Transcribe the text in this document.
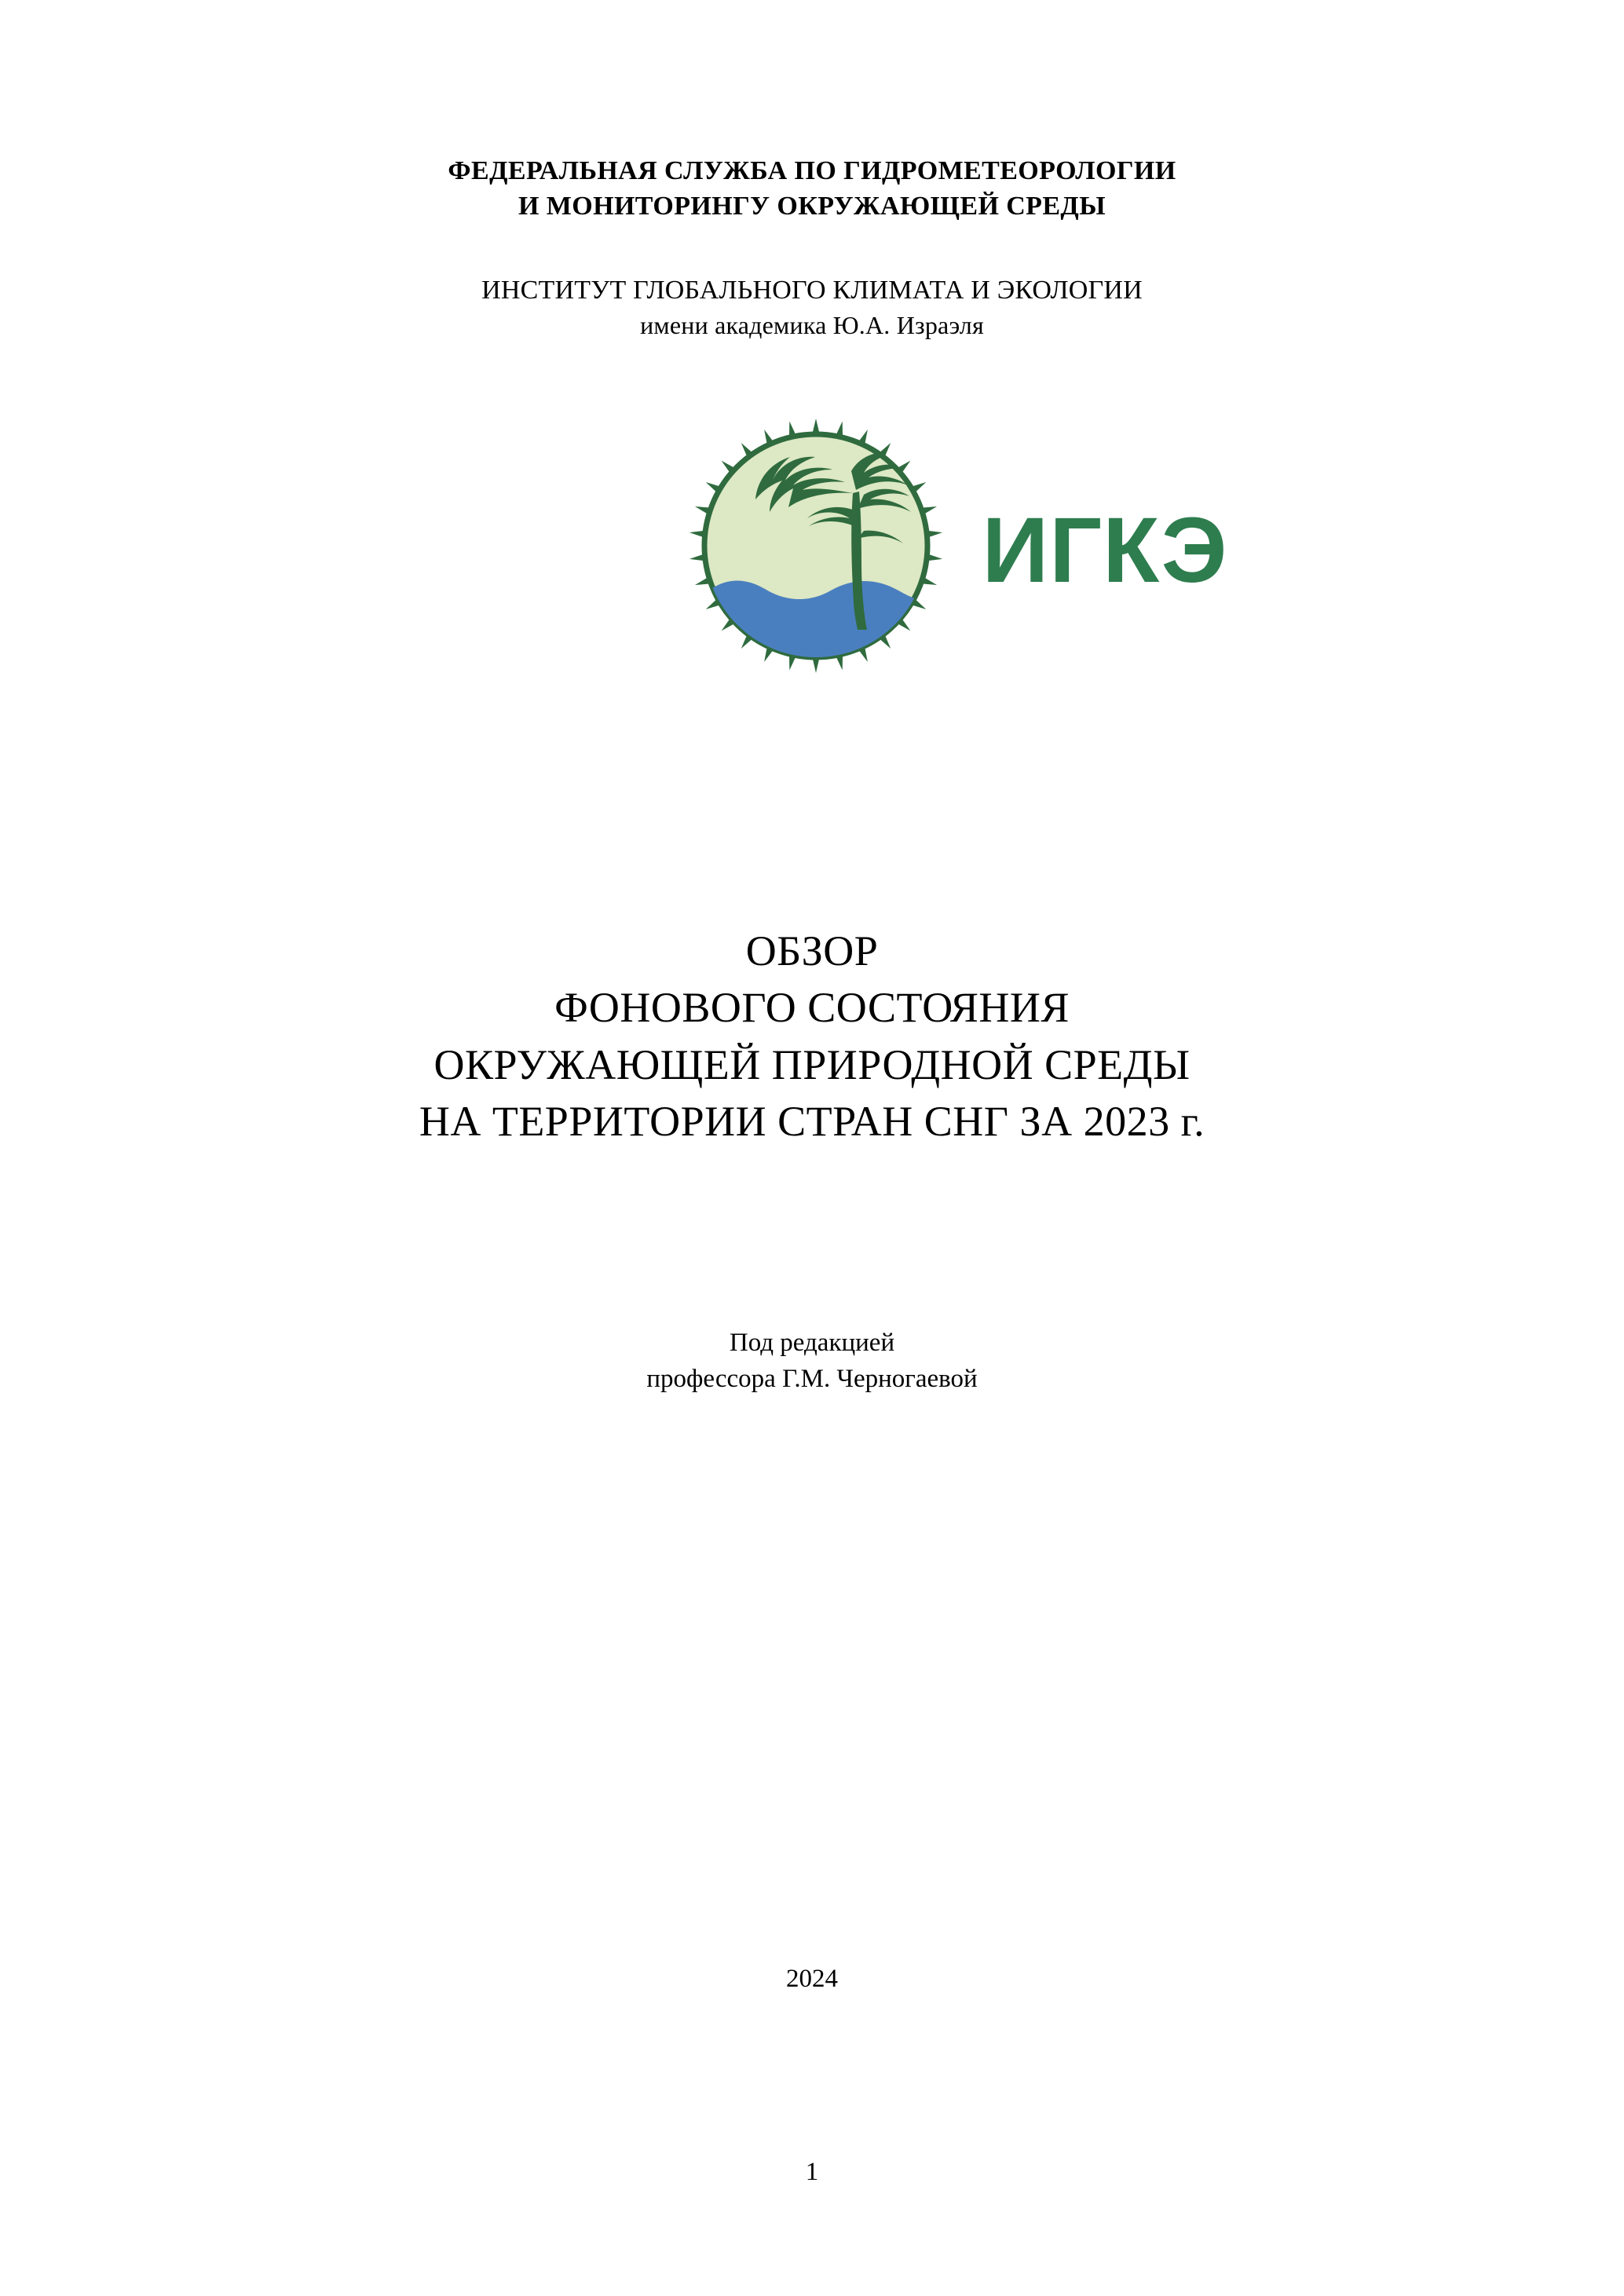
ФЕДЕРАЛЬНАЯ СЛУЖБА ПО ГИДРОМЕТЕОРОЛОГИИ
И МОНИТОРИНГУ ОКРУЖАЮЩЕЙ СРЕДЫ
ИНСТИТУТ ГЛОБАЛЬНОГО КЛИМАТА И ЭКОЛОГИИ
имени академика Ю.А. Израэля
ИГКЭ
ОБЗОР
ФОНОВОГО СОСТОЯНИЯ
ОКРУЖАЮЩЕЙ ПРИРОДНОЙ СРЕДЫ
НА ТЕРРИТОРИИ СТРАН СНГ ЗА 2023 г.
Под редакцией
профессора Г.М. Черногаевой
2024
1
